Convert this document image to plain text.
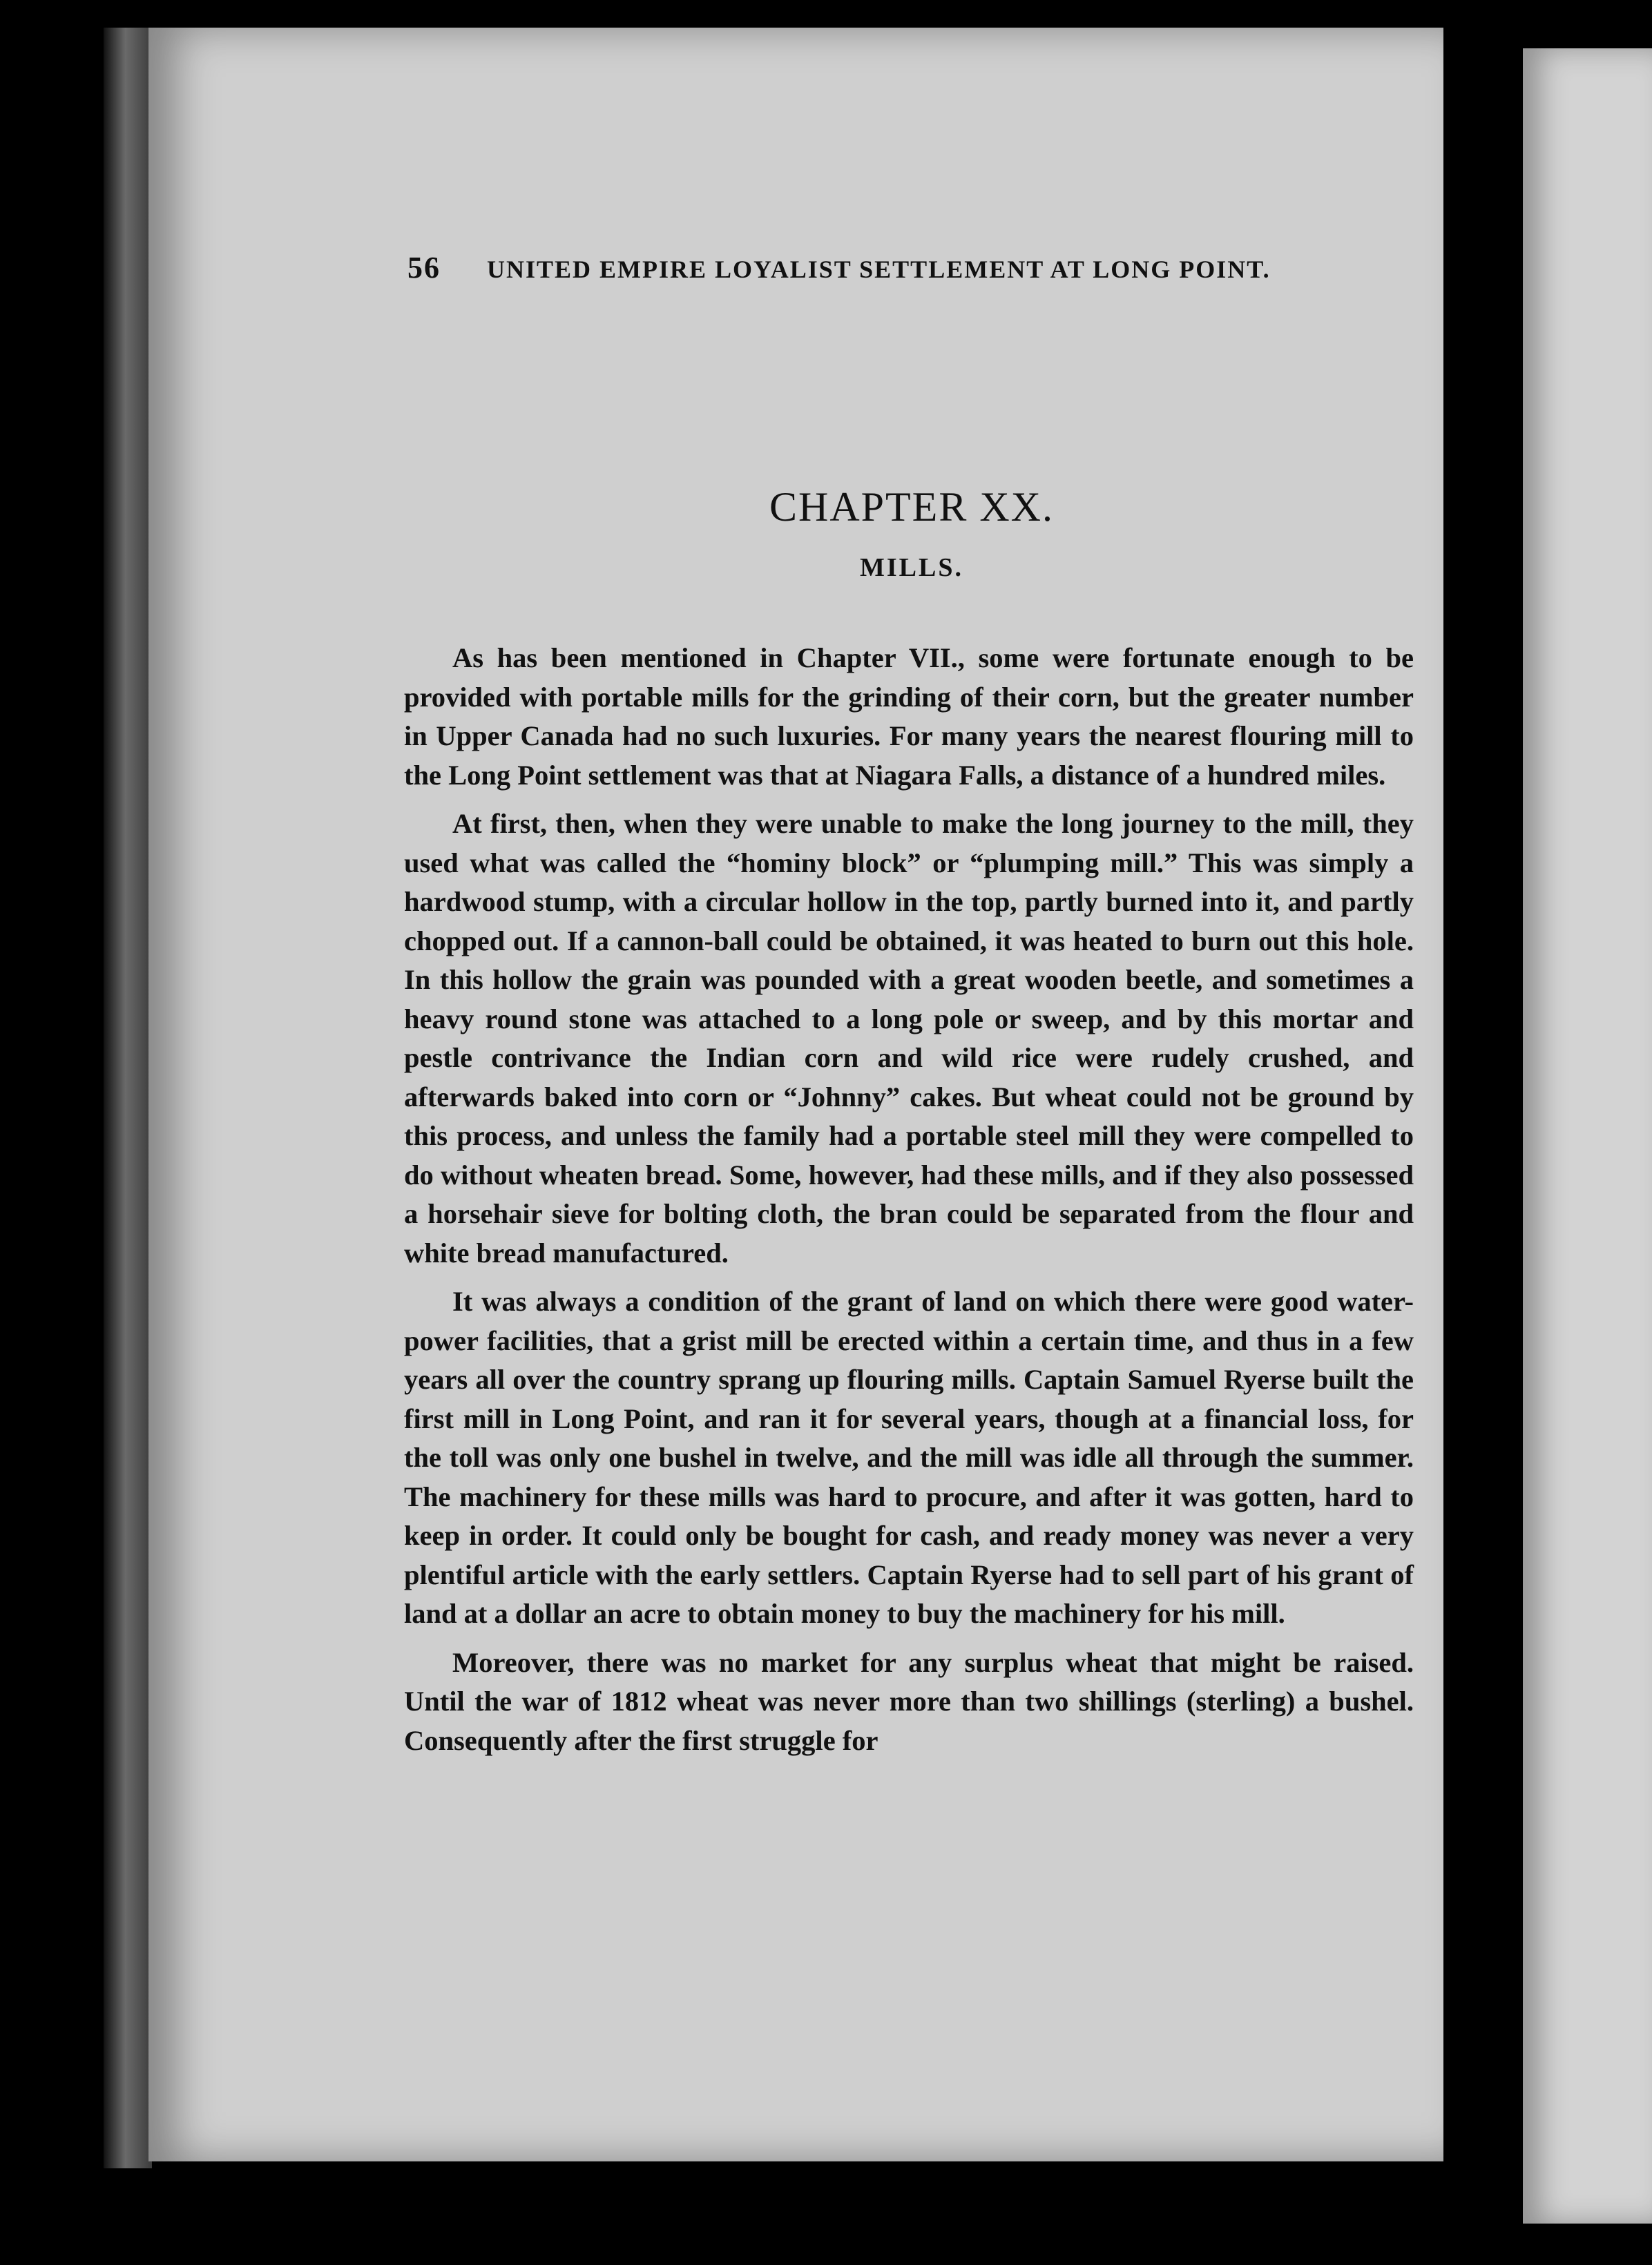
56 UNITED EMPIRE LOYALIST SETTLEMENT AT LONG POINT.
CHAPTER XX.
MILLS.

As has been mentioned in Chapter VII., some were fortunate enough to be provided with portable mills for the grinding of their corn, but the greater number in Upper Canada had no such luxuries. For many years the nearest flouring mill to the Long Point settlement was that at Niagara Falls, a distance of a hundred miles.

At first, then, when they were unable to make the long journey to the mill, they used what was called the “hominy block” or “plumping mill.” This was simply a hardwood stump, with a circular hollow in the top, partly burned into it, and partly chopped out. If a cannon-ball could be obtained, it was heated to burn out this hole. In this hollow the grain was pounded with a great wooden beetle, and sometimes a heavy round stone was attached to a long pole or sweep, and by this mortar and pestle contrivance the Indian corn and wild rice were rudely crushed, and afterwards baked into corn or “Johnny” cakes. But wheat could not be ground by this process, and unless the family had a portable steel mill they were compelled to do without wheaten bread. Some, however, had these mills, and if they also possessed a horsehair sieve for bolting cloth, the bran could be separated from the flour and white bread manufactured.

It was always a condition of the grant of land on which there were good water-power facilities, that a grist mill be erected within a certain time, and thus in a few years all over the country sprang up flouring mills. Captain Samuel Ryerse built the first mill in Long Point, and ran it for several years, though at a financial loss, for the toll was only one bushel in twelve, and the mill was idle all through the summer. The machinery for these mills was hard to procure, and after it was gotten, hard to keep in order. It could only be bought for cash, and ready money was never a very plentiful article with the early settlers. Captain Ryerse had to sell part of his grant of land at a dollar an acre to obtain money to buy the machinery for his mill.

Moreover, there was no market for any surplus wheat that might be raised. Until the war of 1812 wheat was never more than two shillings (sterling) a bushel. Consequently after the first struggle for
